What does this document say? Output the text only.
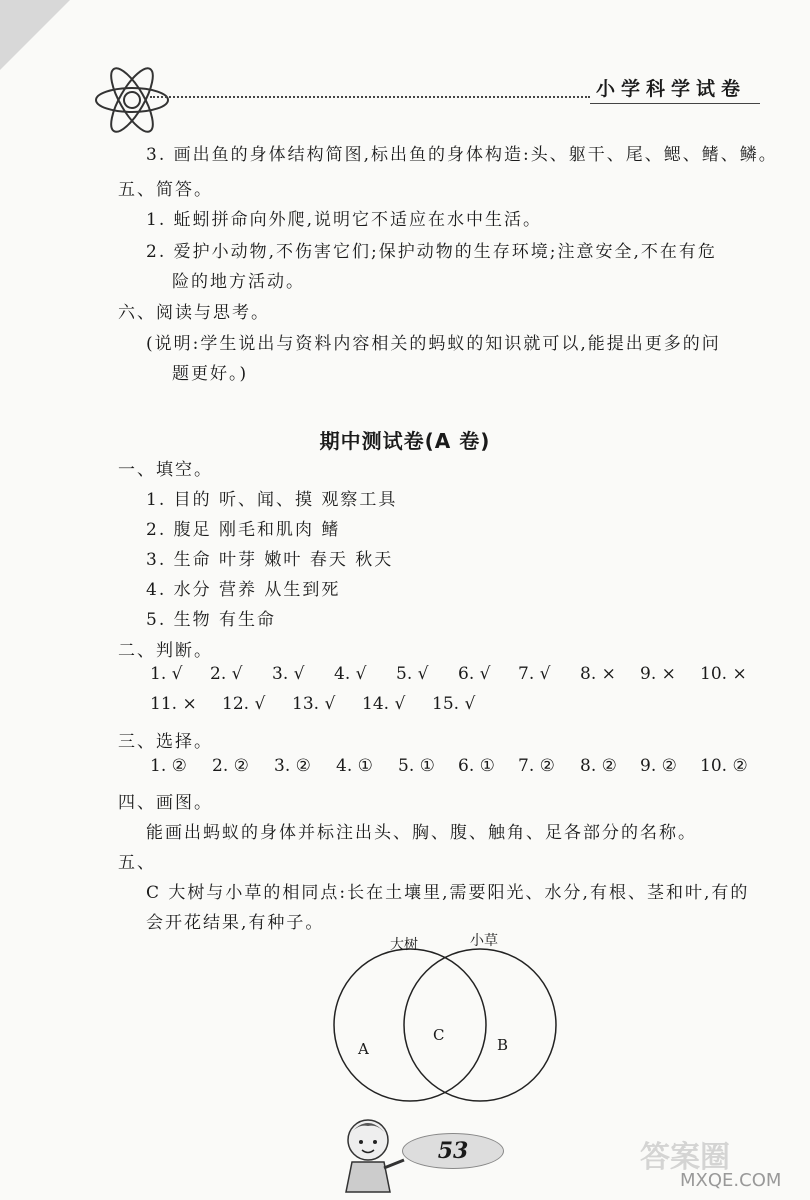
小学科学试卷
3. 画出鱼的身体结构简图,标出鱼的身体构造:头、躯干、尾、鳃、鳍、鳞。
五、简答。
1. 蚯蚓拼命向外爬,说明它不适应在水中生活。
2. 爱护小动物,不伤害它们;保护动物的生存环境;注意安全,不在有危
险的地方活动。
六、阅读与思考。
(说明:学生说出与资料内容相关的蚂蚁的知识就可以,能提出更多的问
题更好。)
期中测试卷(A 卷)
一、填空。
1. 目的 听、闻、摸 观察工具
2. 腹足 刚毛和肌肉 鳍
3. 生命 叶芽 嫩叶 春天 秋天
4. 水分 营养 从生到死
5. 生物 有生命
二、判断。
1. √ 2. √ 3. √ 4. √ 5. √ 6. √ 7. √ 8. × 9. × 10. ×
11. × 12. √ 13. √ 14. √ 15. √
三、选择。
1. ② 2. ② 3. ② 4. ① 5. ① 6. ① 7. ② 8. ② 9. ② 10. ②
四、画图。
能画出蚂蚁的身体并标注出头、胸、腹、触角、足各部分的名称。
五、
C 大树与小草的相同点:长在土壤里,需要阳光、水分,有根、茎和叶,有的
会开花结果,有种子。
大树	小草
A
C
B
53	答案圈
MXQE.COM
